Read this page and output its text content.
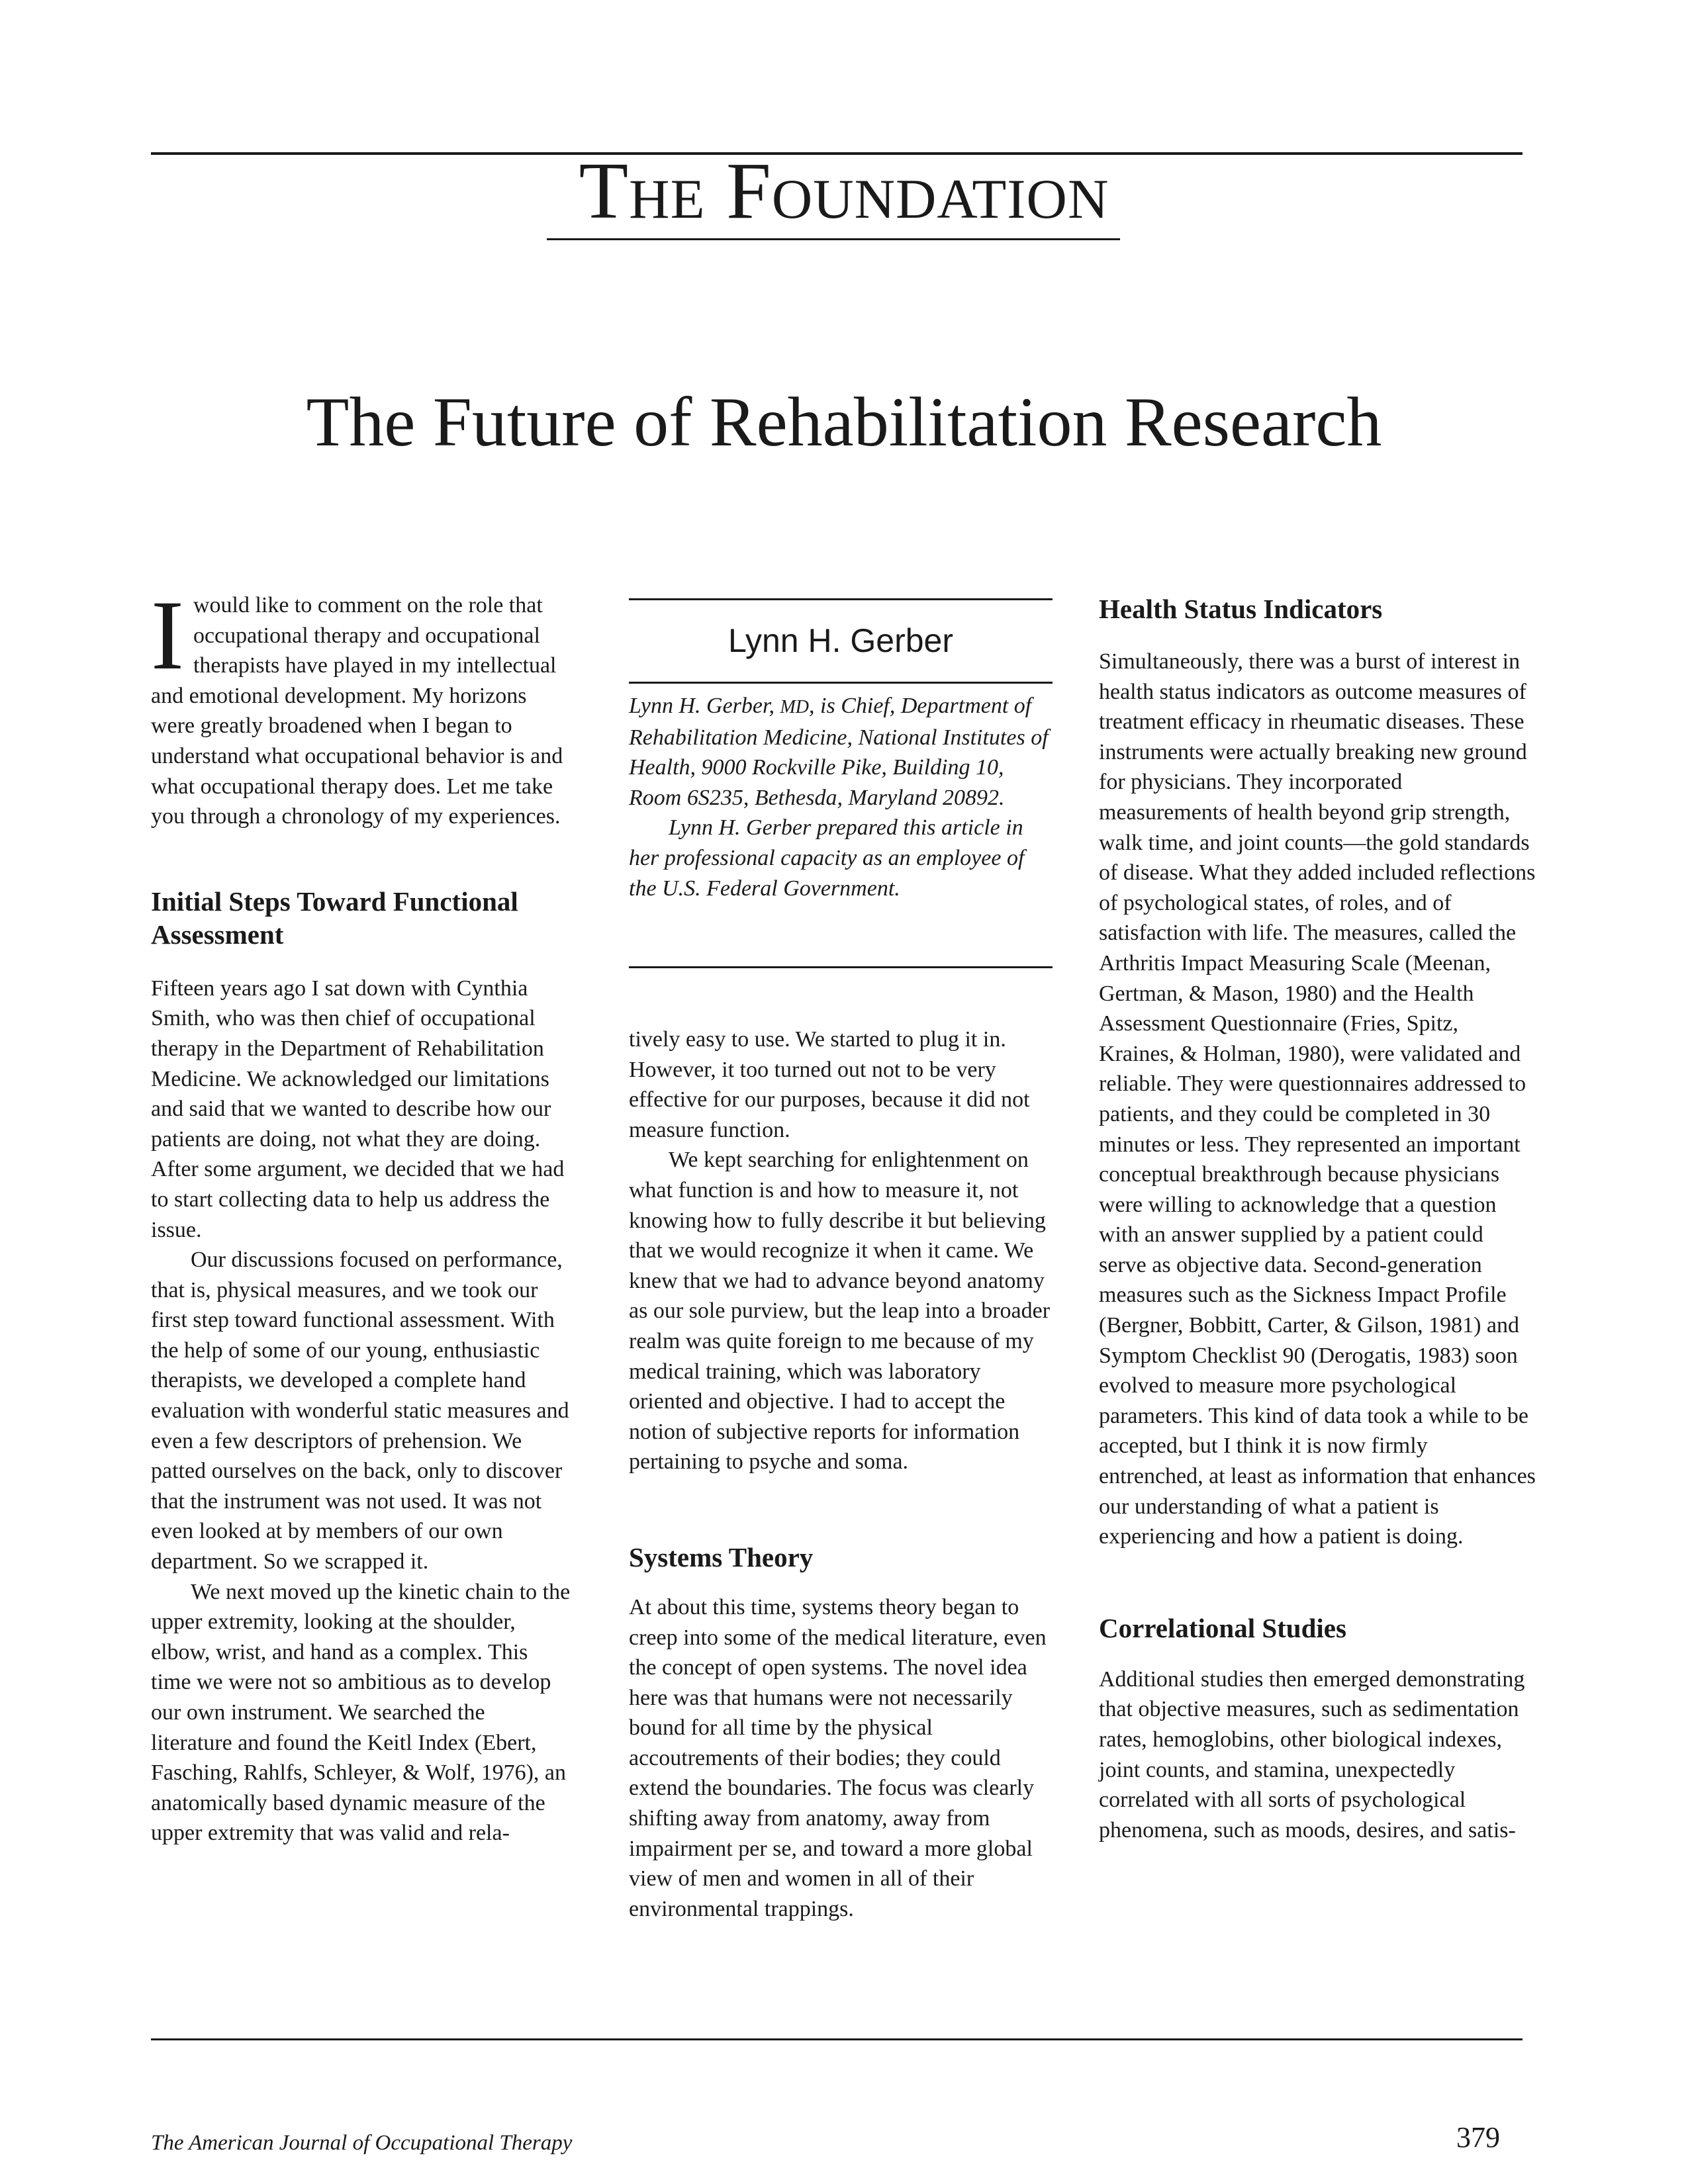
The Foundation
The Future of Rehabilitation Research

Iwould like to comment on the role that occupational therapy and occupational therapists have played in my intellectual and emotional development. My horizons were greatly broadened when I began to understand what occupational behavior is and what occupational therapy does. Let me take you through a chronology of my experiences.

Initial Steps Toward Functional Assessment

Fifteen years ago I sat down with Cynthia Smith, who was then chief of occupational therapy in the Department of Rehabilitation Medicine. We acknowledged our limitations and said that we wanted to describe how our patients are doing, not what they are doing. After some argument, we decided that we had to start collecting data to help us address the issue.

Our discussions focused on performance, that is, physical measures, and we took our first step toward functional assessment. With the help of some of our young, enthusiastic therapists, we developed a complete hand evaluation with wonderful static measures and even a few descriptors of prehension. We patted ourselves on the back, only to discover that the instrument was not used. It was not even looked at by members of our own department. So we scrapped it.

We next moved up the kinetic chain to the upper extremity, looking at the shoulder, elbow, wrist, and hand as a complex. This time we were not so ambitious as to develop our own instrument. We searched the literature and found the Keitl Index (Ebert, Fasching, Rahlfs, Schleyer, & Wolf, 1976), an anatomically based dynamic measure of the upper extremity that was valid and rela-

Lynn H. Gerber

Lynn H. Gerber, MD, is Chief, Department of Rehabilitation Medicine, National Institutes of Health, 9000 Rockville Pike, Building 10, Room 6S235, Bethesda, Maryland 20892.

Lynn H. Gerber prepared this article in her professional capacity as an employee of the U.S. Federal Government.

tively easy to use. We started to plug it in. However, it too turned out not to be very effective for our purposes, because it did not measure function.

We kept searching for enlightenment on what function is and how to measure it, not knowing how to fully describe it but believing that we would recognize it when it came. We knew that we had to advance beyond anatomy as our sole purview, but the leap into a broader realm was quite foreign to me because of my medical training, which was laboratory oriented and objective. I had to accept the notion of subjective reports for information pertaining to psyche and soma.

Systems Theory

At about this time, systems theory began to creep into some of the medical literature, even the concept of open systems. The novel idea here was that humans were not necessarily bound for all time by the physical accoutrements of their bodies; they could extend the boundaries. The focus was clearly shifting away from anatomy, away from impairment per se, and toward a more global view of men and women in all of their environmental trappings.

Health Status Indicators

Simultaneously, there was a burst of interest in health status indicators as outcome measures of treatment efficacy in rheumatic diseases. These instruments were actually breaking new ground for physicians. They incorporated measurements of health beyond grip strength, walk time, and joint counts—the gold standards of disease. What they added included reflections of psychological states, of roles, and of satisfaction with life. The measures, called the Arthritis Impact Measuring Scale (Meenan, Gertman, & Mason, 1980) and the Health Assessment Questionnaire (Fries, Spitz, Kraines, & Holman, 1980), were validated and reliable. They were questionnaires addressed to patients, and they could be completed in 30 minutes or less. They represented an important conceptual breakthrough because physicians were willing to acknowledge that a question with an answer supplied by a patient could serve as objective data. Second-generation measures such as the Sickness Impact Profile (Bergner, Bobbitt, Carter, & Gilson, 1981) and Symptom Checklist 90 (Derogatis, 1983) soon evolved to measure more psychological parameters. This kind of data took a while to be accepted, but I think it is now firmly entrenched, at least as information that enhances our understanding of what a patient is experiencing and how a patient is doing.

Correlational Studies

Additional studies then emerged demonstrating that objective measures, such as sedimentation rates, hemoglobins, other biological indexes, joint counts, and stamina, unexpectedly correlated with all sorts of psychological phenomena, such as moods, desires, and satis-

The American Journal of Occupational Therapy	379
